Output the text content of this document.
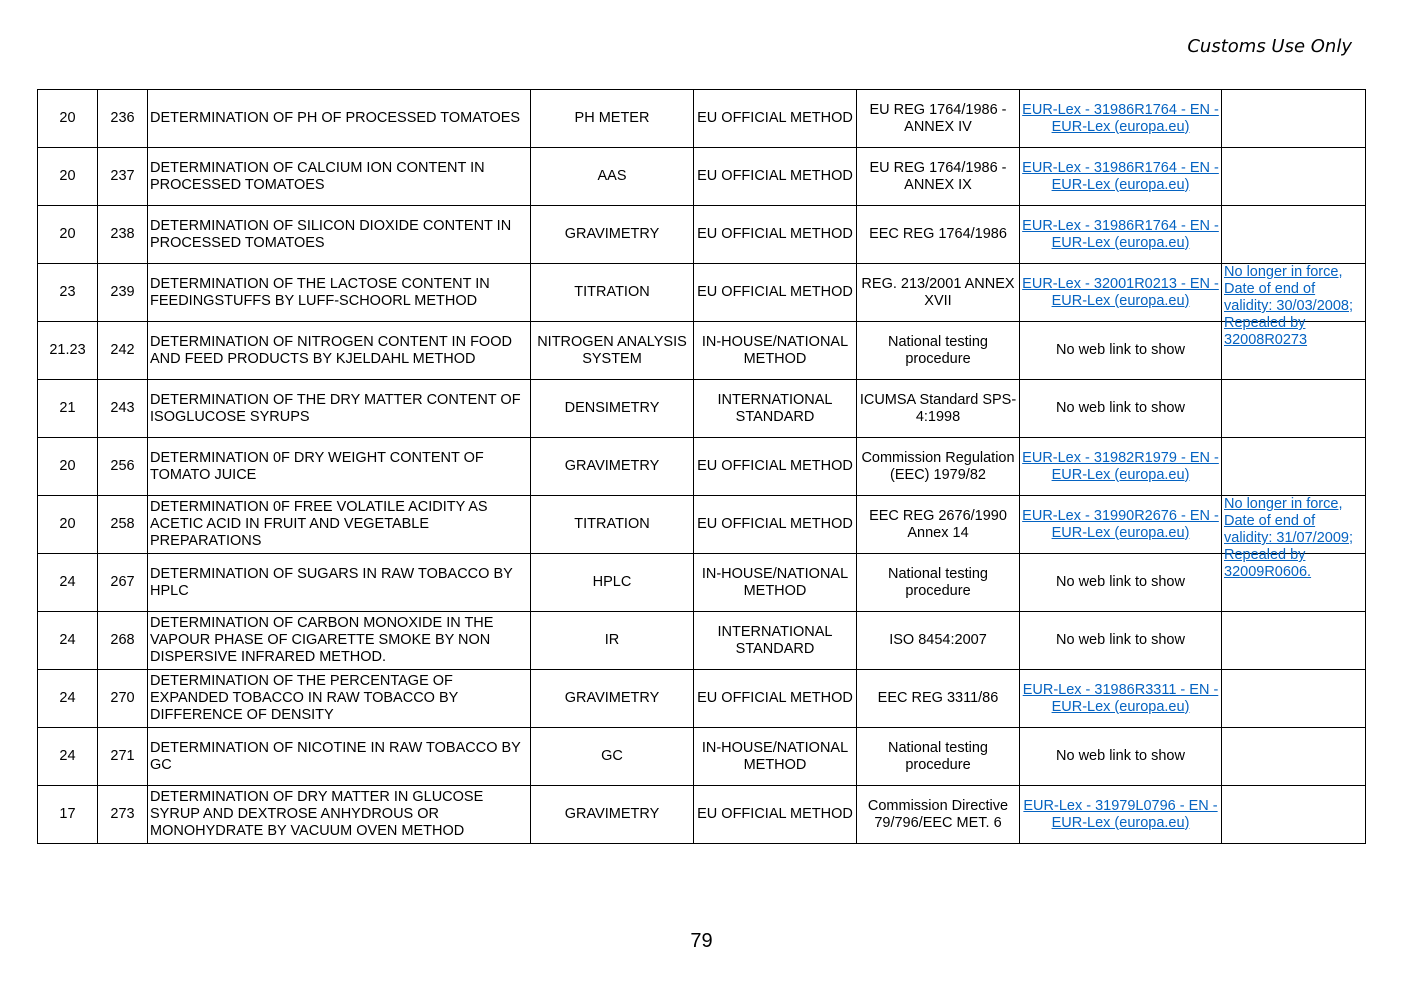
Customs Use Only
20	236	DETERMINATION OF PH OF PROCESSED TOMATOES	PH METER	EU OFFICIAL METHOD	EU REG 1764/1986 - ANNEX IV	EUR-Lex - 31986R1764 - EN - EUR-Lex (europa.eu)	
20	237	DETERMINATION OF CALCIUM ION CONTENT IN PROCESSED TOMATOES	AAS	EU OFFICIAL METHOD	EU REG 1764/1986 - ANNEX IX	EUR-Lex - 31986R1764 - EN - EUR-Lex (europa.eu)	
20	238	DETERMINATION OF SILICON DIOXIDE CONTENT IN PROCESSED TOMATOES	GRAVIMETRY	EU OFFICIAL METHOD	EEC REG 1764/1986	EUR-Lex - 31986R1764 - EN - EUR-Lex (europa.eu)	
23	239	DETERMINATION OF THE LACTOSE CONTENT IN FEEDINGSTUFFS BY LUFF-SCHOORL METHOD	TITRATION	EU OFFICIAL METHOD	REG. 213/2001 ANNEX XVII	EUR-Lex - 32001R0213 - EN - EUR-Lex (europa.eu)	No longer in force, Date of end of validity: 30/03/2008; Repealed by 32008R0273

21.23	242	DETERMINATION OF NITROGEN CONTENT IN FOOD AND FEED PRODUCTS BY KJELDAHL METHOD	NITROGEN ANALYSIS SYSTEM	IN-HOUSE/NATIONAL METHOD	National testing procedure	No web link to show	
21	243	DETERMINATION OF THE DRY MATTER CONTENT OF ISOGLUCOSE SYRUPS	DENSIMETRY	INTERNATIONAL STANDARD	ICUMSA Standard SPS-4:1998	No web link to show	
20	256	DETERMINATION 0F DRY WEIGHT CONTENT OF TOMATO JUICE	GRAVIMETRY	EU OFFICIAL METHOD	Commission Regulation (EEC) 1979/82	EUR-Lex - 31982R1979 - EN - EUR-Lex (europa.eu)	
20	258	DETERMINATION 0F FREE VOLATILE ACIDITY AS ACETIC ACID IN FRUIT AND VEGETABLE PREPARATIONS	TITRATION	EU OFFICIAL METHOD	EEC REG 2676/1990 Annex 14	EUR-Lex - 31990R2676 - EN - EUR-Lex (europa.eu)	No longer in force, Date of end of validity: 31/07/2009; Repealed by 32009R0606.

24	267	DETERMINATION OF SUGARS IN RAW TOBACCO BY HPLC	HPLC	IN-HOUSE/NATIONAL METHOD	National testing procedure	No web link to show	
24	268	DETERMINATION OF CARBON MONOXIDE IN THE VAPOUR PHASE OF CIGARETTE SMOKE BY NON DISPERSIVE INFRARED METHOD.	IR	INTERNATIONAL STANDARD	ISO 8454:2007	No web link to show	
24	270	DETERMINATION OF THE PERCENTAGE OF EXPANDED TOBACCO IN RAW TOBACCO BY DIFFERENCE OF DENSITY	GRAVIMETRY	EU OFFICIAL METHOD	EEC REG 3311/86	EUR-Lex - 31986R3311 - EN - EUR-Lex (europa.eu)	
24	271	DETERMINATION OF NICOTINE IN RAW TOBACCO BY GC	GC	IN-HOUSE/NATIONAL METHOD	National testing procedure	No web link to show	
17	273	DETERMINATION OF DRY MATTER IN GLUCOSE SYRUP AND DEXTROSE ANHYDROUS OR MONOHYDRATE BY VACUUM OVEN METHOD	GRAVIMETRY	EU OFFICIAL METHOD	Commission Directive 79/796/EEC MET. 6	EUR-Lex - 31979L0796 - EN - EUR-Lex (europa.eu)	
79
